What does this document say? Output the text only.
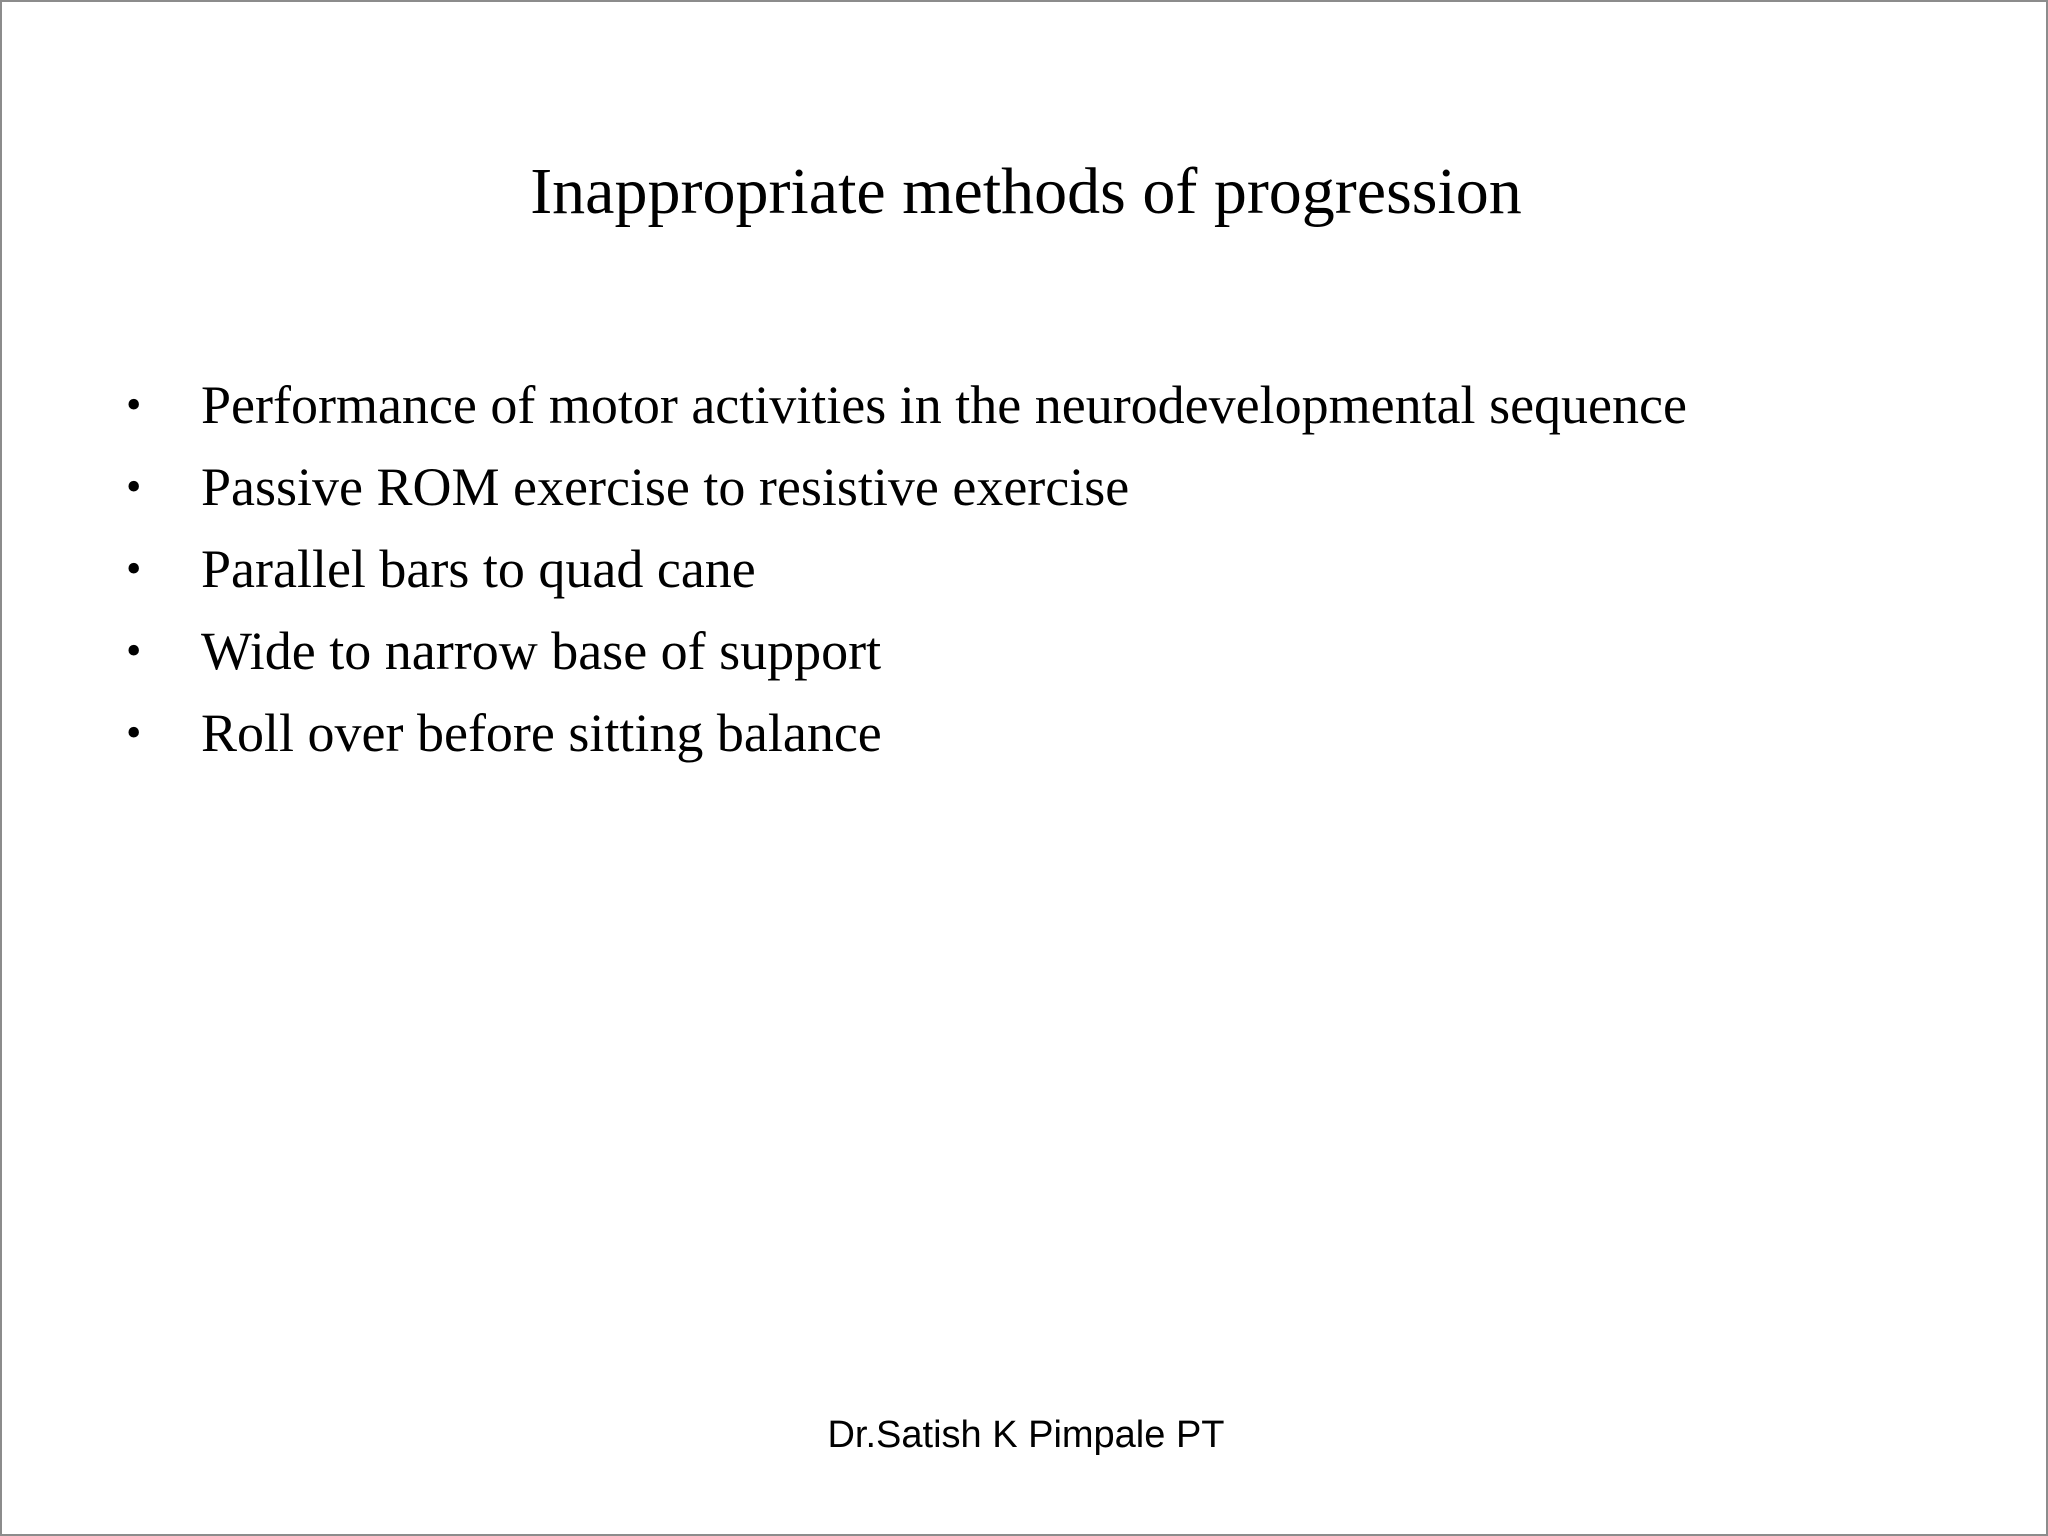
Inappropriate methods of progression
• Performance of motor activities in the neurodevelopmental sequence
• Passive ROM exercise to resistive exercise
• Parallel bars to quad cane
• Wide to narrow base of support
• Roll over before sitting balance
Dr.Satish K Pimpale PT
